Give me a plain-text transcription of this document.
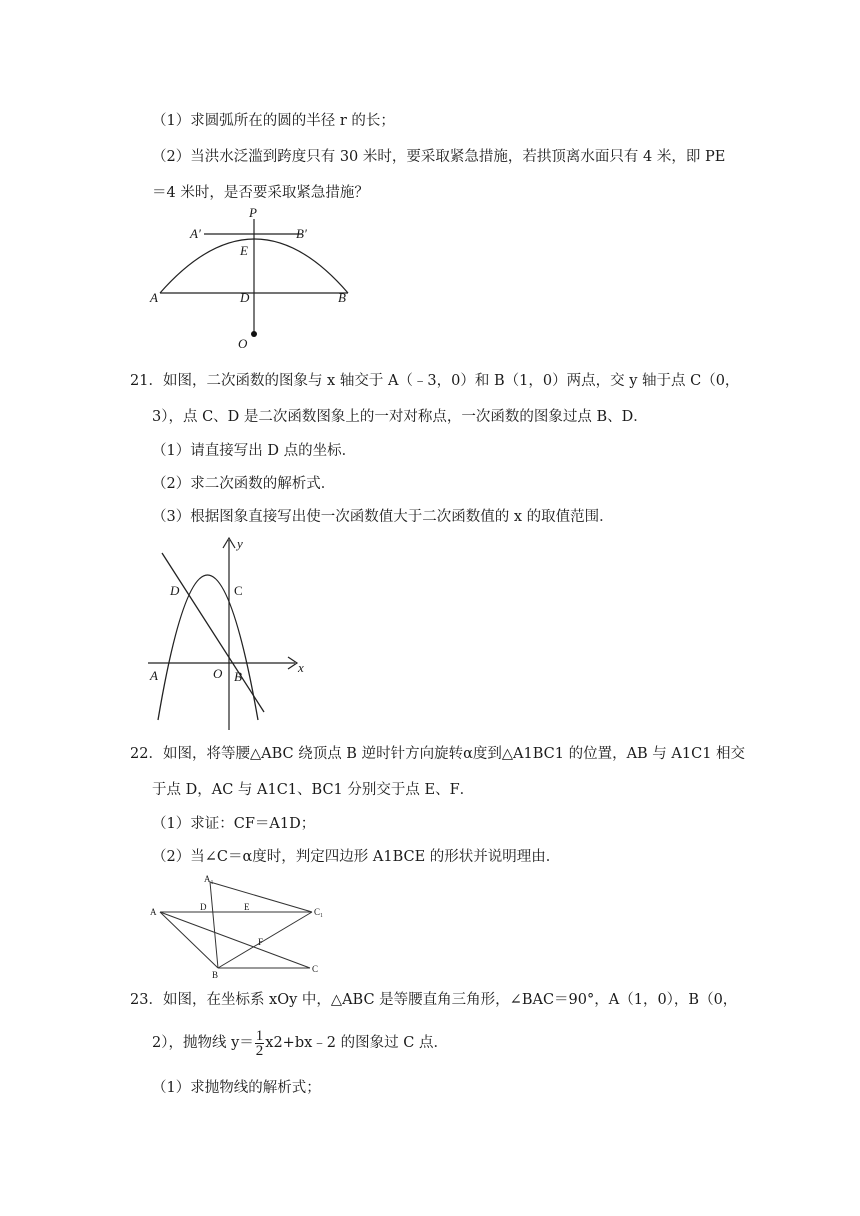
（1）求圆弧所在的圆的半径 r 的长；
（2）当洪水泛滥到跨度只有 30 米时，要采取紧急措施，若拱顶离水面只有 4 米，即 PE
＝4 米时，是否要采取紧急措施？
P
A′	B′
E
A	D	B
O
21．如图，二次函数的图象与 x 轴交于 A（﹣3，0）和 B（1，0）两点，交 y 轴于点 C（0，
3），点 C、D 是二次函数图象上的一对对称点，一次函数的图象过点 B、D．
（1）请直接写出 D 点的坐标．
（2）求二次函数的解析式．
（3）根据图象直接写出使一次函数值大于二次函数值的 x 的取值范围．
y
x
D	C
A	O B
22．如图，将等腰△ABC 绕顶点 B 逆时针方向旋转α度到△A1BC1 的位置，AB 与 A1C1 相交
于点 D，AC 与 A1C1、BC1 分别交于点 E、F．
（1）求证：CF＝A1D；
（2）当∠C＝α度时，判定四边形 A1BCE 的形状并说明理由．
A₁
A	D	E	C₁
F
B
C
23．如图，在坐标系 xOy 中，△ABC 是等腰直角三角形，∠BAC＝90°，A（1，0），B（0，
2），抛物线 $y= \frac{1}{2}$ x2+bx﹣2 的图象过 C 点．
（1）求抛物线的解析式；
